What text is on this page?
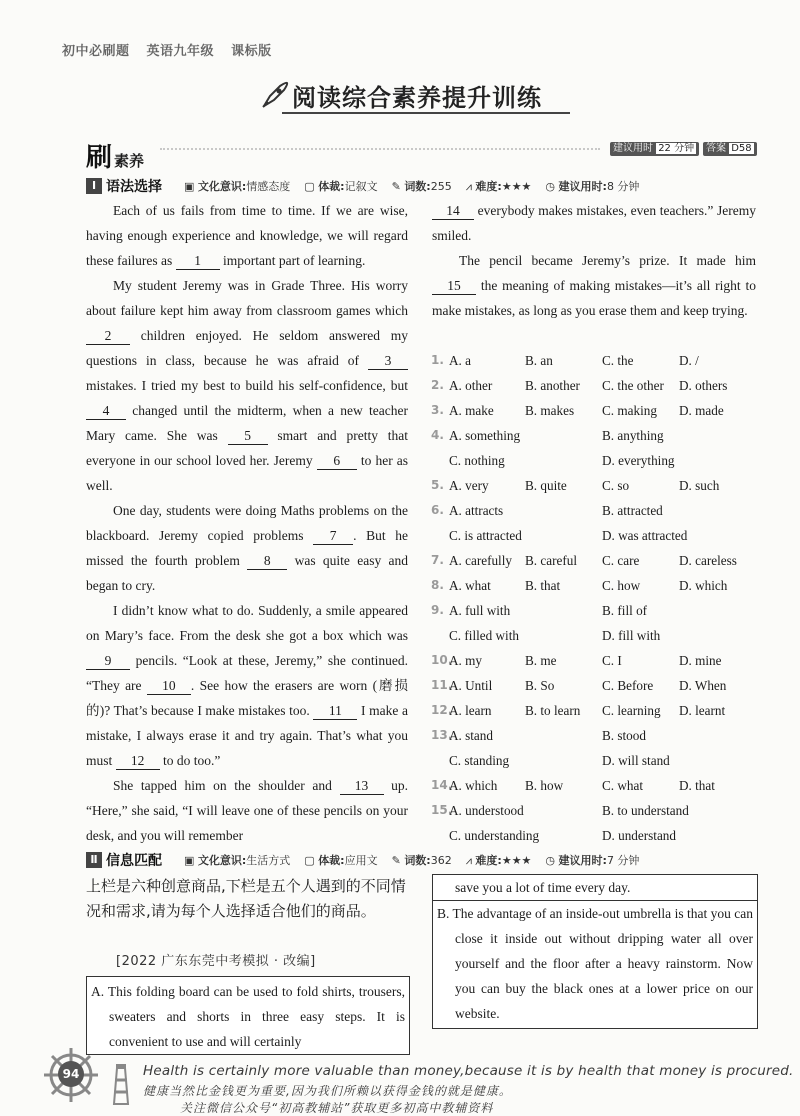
初中必刷题 英语九年级 课标版
阅读综合素养提升训练
刷素养
建议用时 22 分钟	答案 D58
Ⅰ 语法选择 ▣ 文化意识:情感态度 ▢ 体裁:记叙文 ✎ 词数:255 ⩘ 难度:★★★ ◷ 建议用时:8 分钟

Each of us fails from time to time. If we are wise, having enough experience and knowledge, we will regard these failures as 1 important part of learning.

My student Jeremy was in Grade Three. His worry about failure kept him away from classroom games which 2 children enjoyed. He seldom answered my questions in class, because he was afraid of 3 mistakes. I tried my best to build his self-confidence, but 4 changed until the midterm, when a new teacher Mary came. She was 5 smart and pretty that everyone in our school loved her. Jeremy 6 to her as well.

One day, students were doing Maths problems on the blackboard. Jeremy copied problems 7 . But he missed the fourth problem 8 was quite easy and began to cry.

I didn’t know what to do. Suddenly, a smile appeared on Mary’s face. From the desk she got a box which was 9 pencils. “Look at these, Jeremy,” she continued. “They are 10 . See how the erasers are worn (磨损的)? That’s because I make mistakes too. 11 I make a mistake, I always erase it and try again. That’s what you must 12 to do too.”

She tapped him on the shoulder and 13 up. “Here,” she said, “I will leave one of these pencils on your desk, and you will remember

14 everybody makes mistakes, even teachers.” Jeremy smiled.

The pencil became Jeremy’s prize. It made him 15 the meaning of making mistakes—it’s all right to make mistakes, as long as you erase them and keep trying.

1. A. a	B. an	C. the	D. /
2. A. other B. another C. the other D. others
3. A. make B. makes C. making D. made
4. A. something	B. anything
C. nothing	D. everything
5. A. very	B. quite	C. so	D. such
6. A. attracts	B. attracted
C. is attracted	D. was attracted
7. A. carefully B. careful C. care	D. careless
8. A. what	B. that	C. how	D. which
9. A. full with	B. fill of
C. filled with	D. fill with
10.
A. my	B. me	C. I	D. mine
11.
A. Until B. So	C. Before D. When
12.
A. learn	B. to learn C. learning D. learnt
13.
A. stand	B. stood
C. standing	D. will stand
14.
A. which B. how	C. what	D. that
15.
A. understood	B. to understand
C. understanding	D. understand
Ⅱ 信息匹配 ▣ 文化意识:生活方式 ▢ 体裁:应用文 ✎ 词数:362 ⩘ 难度:★★★ ◷ 建议用时:7 分钟
上栏是六种创意商品,下栏是五个人遇到的不同情况和需求,请为每个人选择适合他们的商品。
[2022 广东东莞中考模拟 · 改编]
A. This folding board can be used to fold shirts, trousers, sweaters and shorts in three easy steps. It is convenient to use and will certainly
save you a lot of time every day.
B. The advantage of an inside-out umbrella is that you can close it inside out without dripping water all over yourself and the floor after a heavy rainstorm. Now you can buy the black ones at a lower price on our website.
94	Health is certainly more valuable than money,because it is by health that money is procured.
健康当然比金钱更为重要,因为我们所赖以获得金钱的就是健康。
关注微信公众号“初高教辅站”获取更多初高中教辅资料
